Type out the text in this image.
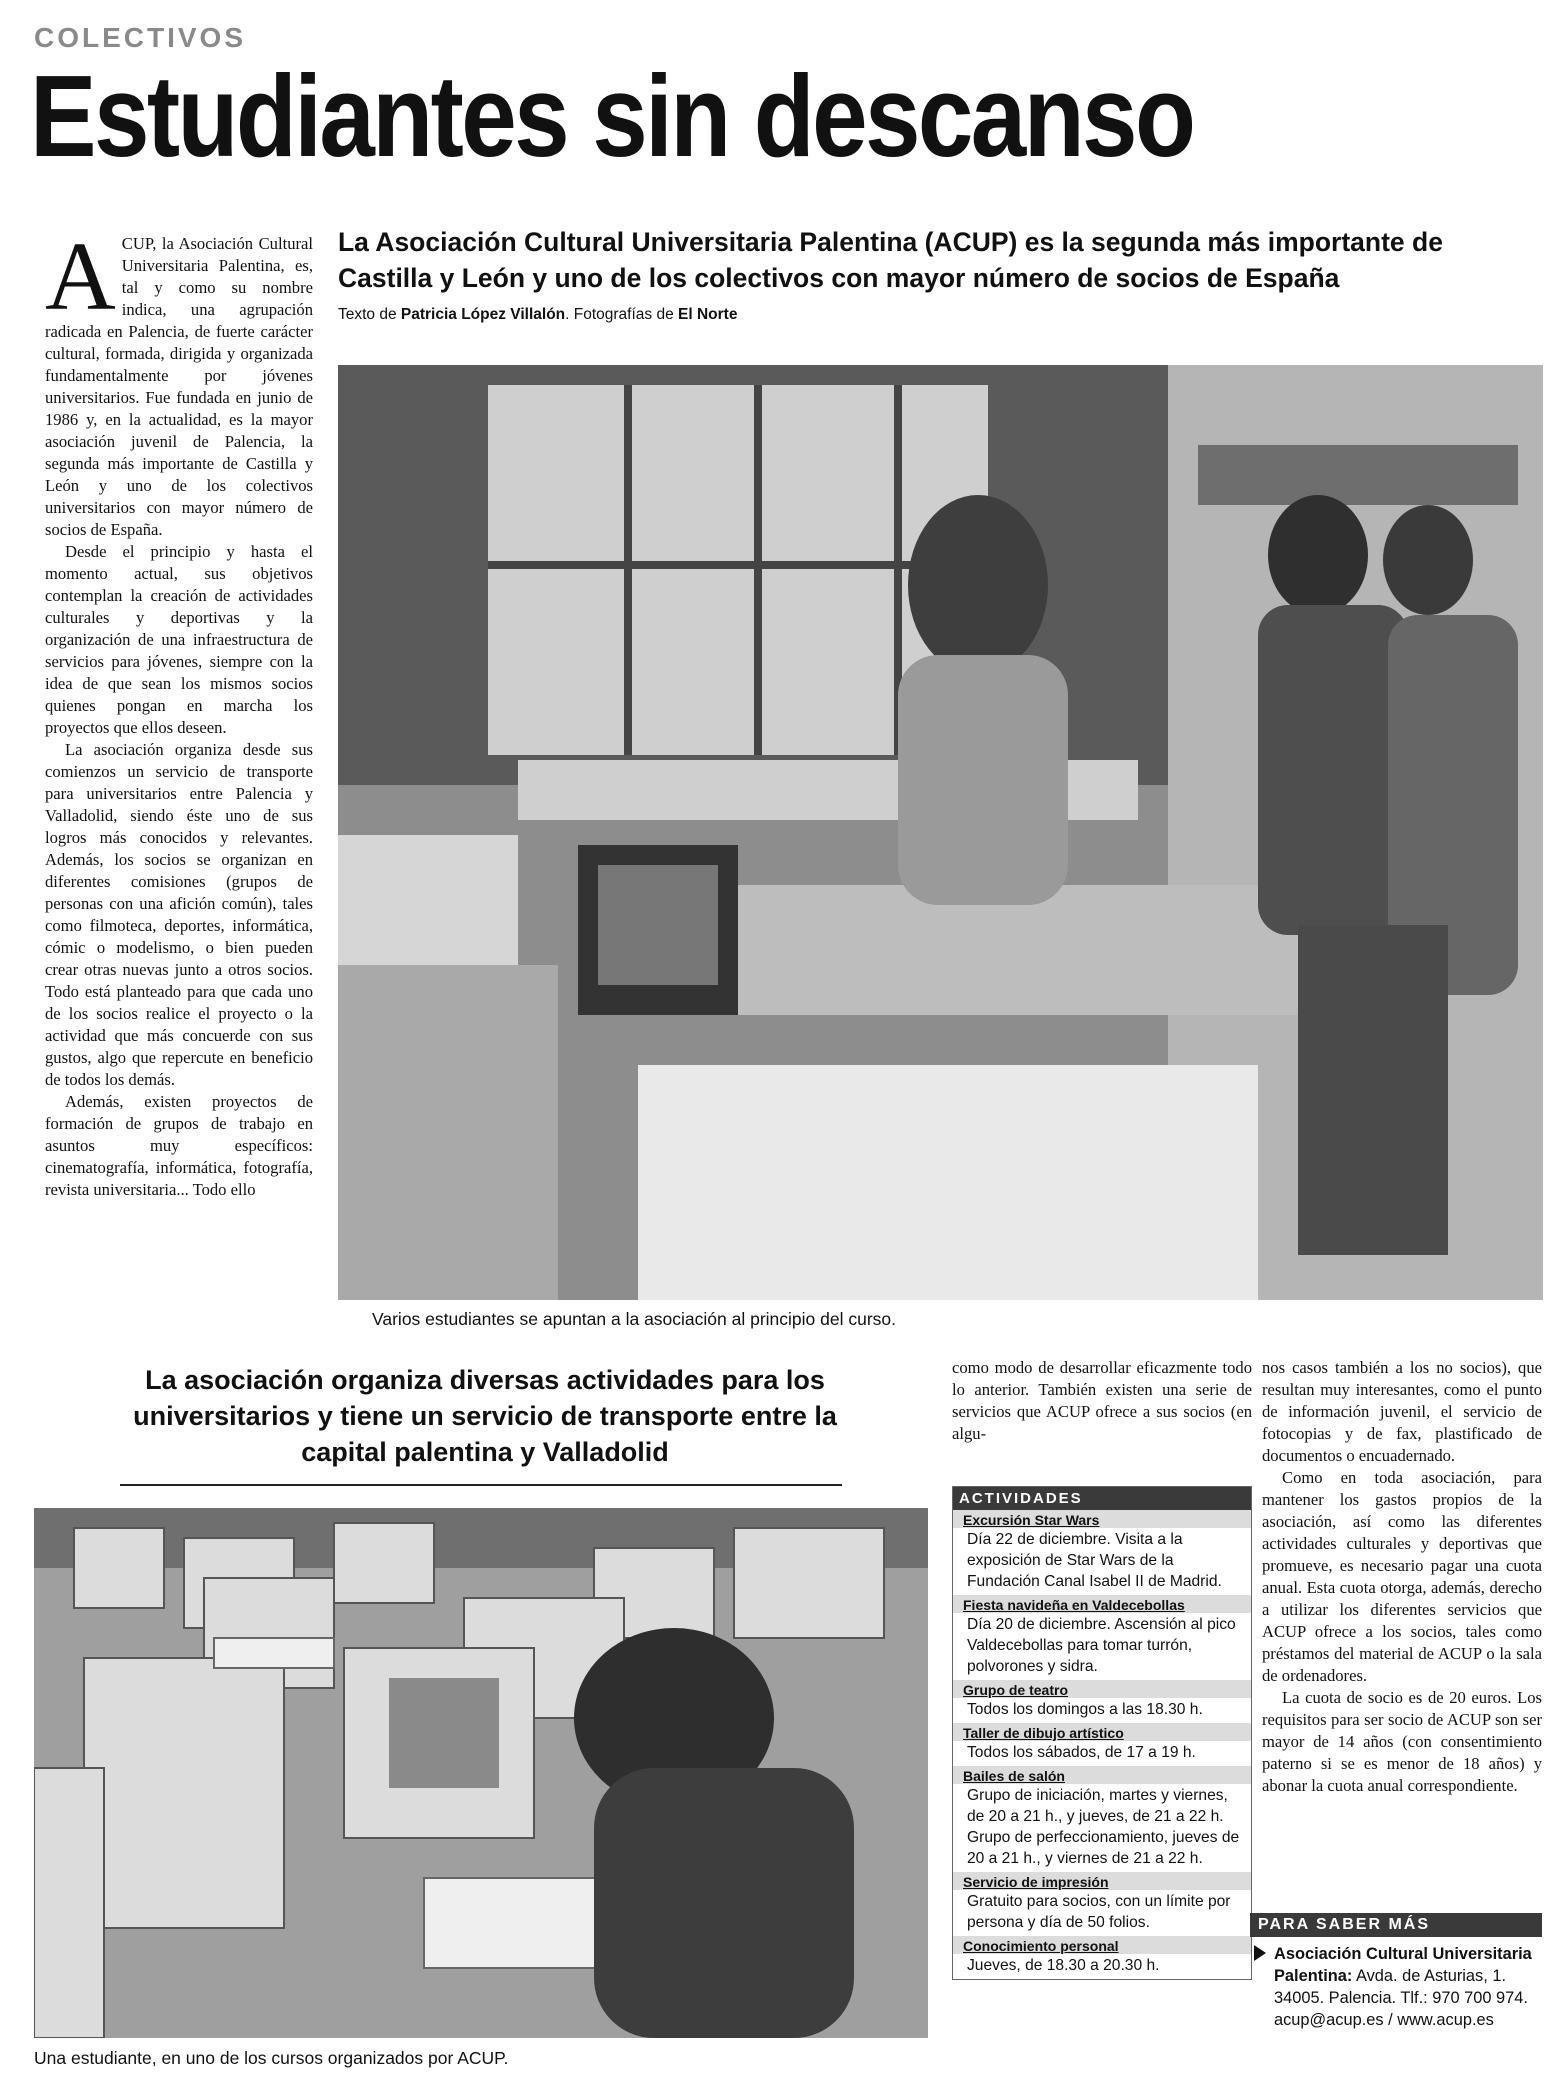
COLECTIVOS
Estudiantes sin descanso
La Asociación Cultural Universitaria Palentina (ACUP) es la segunda más importante de Castilla y León y uno de los colectivos con mayor número de socios de España
Texto de Patricia López Villalón. Fotografías de El Norte
A CUP, la Asociación Cultural Universitaria Palentina, es, tal y como su nombre indica, una agrupación radicada en Palencia, de fuerte carácter cultural, formada, dirigida y organizada fundamentalmente por jóvenes universitarios. Fue fundada en junio de 1986 y, en la actualidad, es la mayor asociación juvenil de Palencia, la segunda más importante de Castilla y León y uno de los colectivos universitarios con mayor número de socios de España.

Desde el principio y hasta el momento actual, sus objetivos contemplan la creación de actividades culturales y deportivas y la organización de una infraestructura de servicios para jóvenes, siempre con la idea de que sean los mismos socios quienes pongan en marcha los proyectos que ellos deseen.

La asociación organiza desde sus comienzos un servicio de transporte para universitarios entre Palencia y Valladolid, siendo éste uno de sus logros más conocidos y relevantes. Además, los socios se organizan en diferentes comisiones (grupos de personas con una afición común), tales como filmoteca, deportes, informática, cómic o modelismo, o bien pueden crear otras nuevas junto a otros socios. Todo está planteado para que cada uno de los socios realice el proyecto o la actividad que más concuerde con sus gustos, algo que repercute en beneficio de todos los demás.

Además, existen proyectos de formación de grupos de trabajo en asuntos muy específicos: cinematografía, informática, fotografía, revista universitaria... Todo ello

Varios estudiantes se apuntan a la asociación al principio del curso.
La asociación organiza diversas actividades para los universitarios y tiene un servicio de transporte entre la capital palentina y Valladolid
Una estudiante, en uno de los cursos organizados por ACUP.

como modo de desarrollar eficazmente todo lo anterior. También existen una serie de servicios que ACUP ofrece a sus socios (en algu-

ACTIVIDADES
Excursión Star Wars
Día 22 de diciembre. Visita a la exposición de Star Wars de la Fundación Canal Isabel II de Madrid.
Fiesta navideña en Valdecebollas
Día 20 de diciembre. Ascensión al pico Valdecebollas para tomar turrón, polvorones y sidra.
Grupo de teatro
Todos los domingos a las 18.30 h.
Taller de dibujo artístico
Todos los sábados, de 17 a 19 h.
Bailes de salón
Grupo de iniciación, martes y viernes, de 20 a 21 h., y jueves, de 21 a 22 h. Grupo de perfeccionamiento, jueves de 20 a 21 h., y viernes de 21 a 22 h.
Servicio de impresión
Gratuito para socios, con un límite por persona y día de 50 folios.
Conocimiento personal
Jueves, de 18.30 a 20.30 h.

nos casos también a los no socios), que resultan muy interesantes, como el punto de información juvenil, el servicio de fotocopias y de fax, plastificado de documentos o encuadernado.

Como en toda asociación, para mantener los gastos propios de la asociación, así como las diferentes actividades culturales y deportivas que promueve, es necesario pagar una cuota anual. Esta cuota otorga, además, derecho a utilizar los diferentes servicios que ACUP ofrece a los socios, tales como préstamos del material de ACUP o la sala de ordenadores.

La cuota de socio es de 20 euros. Los requisitos para ser socio de ACUP son ser mayor de 14 años (con consentimiento paterno si se es menor de 18 años) y abonar la cuota anual correspondiente.

PARA SABER MÁS
Asociación Cultural Universitaria Palentina: Avda. de Asturias, 1. 34005. Palencia. Tlf.: 970 700 974. acup@acup.es / www.acup.es
